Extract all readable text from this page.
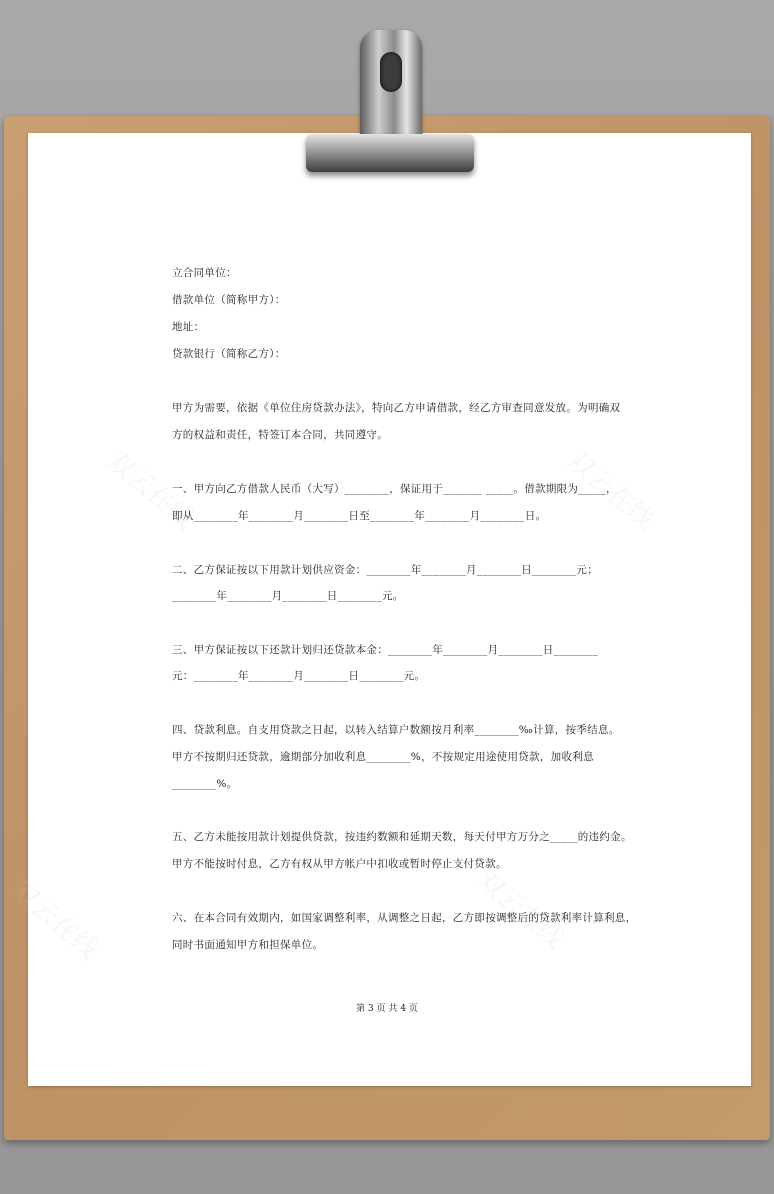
立合同单位：
借款单位（简称甲方）：
地址：
贷款银行（简称乙方）：
甲方为需要，依据《单位住房贷款办法》，特向乙方申请借款，经乙方审查同意发放。为明确双
方的权益和责任，特签订本合同，共同遵守。
一、甲方向乙方借款人民币（大写）________，保证用于_______ _____。借款期限为_____，
即从________年________月________日至________年________月________日。
二、乙方保证按以下用款计划供应资金：________年________月________日________元；
________年________月________日________元。
三、甲方保证按以下还款计划归还贷款本金：________年________月________日________
元：________年________月________日________元。
四、贷款利息。自支用贷款之日起，以转入结算户数额按月利率________‰计算，按季结息。
甲方不按期归还贷款，逾期部分加收利息________%，不按规定用途使用贷款，加收利息
________%。
五、乙方未能按用款计划提供贷款，按违约数额和延期天数，每天付甲方万分之_____的违约金。
甲方不能按时付息，乙方有权从甲方帐户中扣收或暂时停止支付贷款。
六、在本合同有效期内，如国家调整利率，从调整之日起，乙方即按调整后的贷款利率计算利息，
同时书面通知甲方和担保单位。
第 3 页 共 4 页
